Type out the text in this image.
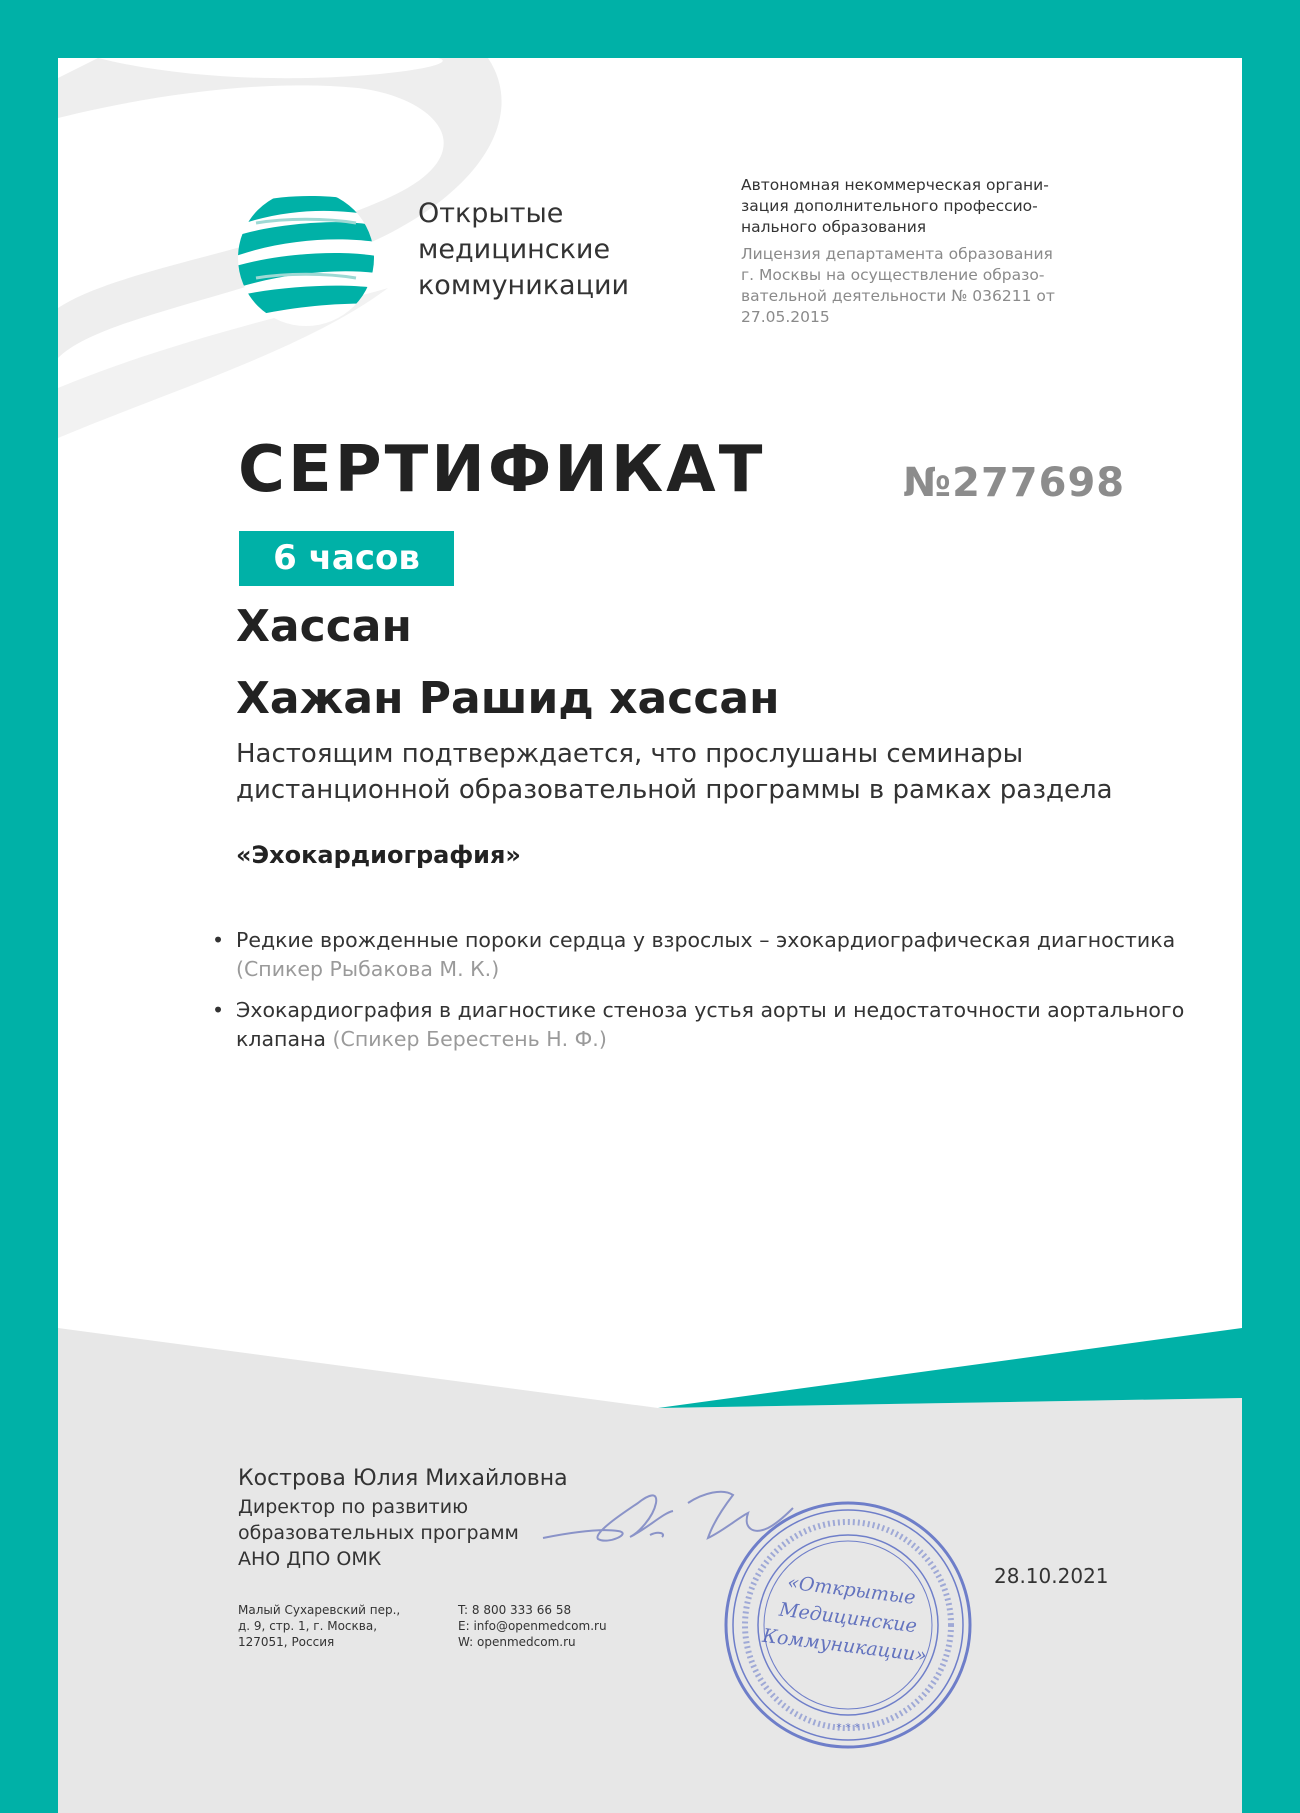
Открытые
медицинские
коммуникации
Автономная некоммерческая органи-
зация дополнительного профессио-
нального образования
Лицензия департамента образования
г. Москвы на осуществление образо-
вательной деятельности № 036211 от
27.05.2015
СЕРТИФИКАТ	№277698
6 часов
Хассан
Хажан Рашид хассан
Настоящим подтверждается, что прослушаны семинары
дистанционной образовательной программы в рамках раздела
«Эхокардиография»
• Редкие врожденные пороки сердца у взрослых – эхокардиографическая диагностика
(Спикер Рыбакова М. К.)
• Эхокардиография в диагностике стеноза устья аорты и недостаточности аортального клапана (Спикер Берестень Н. Ф.)
Кострова Юлия Михайловна
Директор по развитию
образовательных программ
АНО ДПО ОМК
Малый Сухаревский пер.,
д. 9, стр. 1, г. Москва,
127051, Россия
T: 8 800 333 66 58
E: info@openmedcom.ru
W: openmedcom.ru
28.10.2021
* * *
«Открытые
Медицинские
Коммуникации»
